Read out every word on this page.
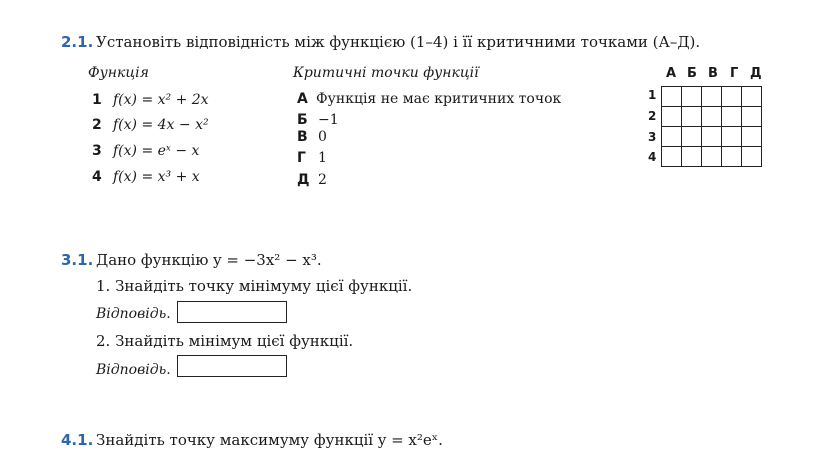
2.1. Установіть відповідність між функцією (1–4) і її критичними точками (А–Д).
Функція	Критичні точки функції
1 f(x) = x² + 2x
2 f(x) = 4x − x²
3 f(x) = eˣ − x
4 f(x) = x³ + x
А Функція не має критичних точок
Б −1
В 0
Г 1
Д 2
А Б В Г Д
1
2
3
4

3.1. Дано функцію y = −3x² − x³.
1. Знайдіть точку мінімуму цієї функції.
Відповідь.
2. Знайдіть мінімум цієї функції.
Відповідь.
4.1. Знайдіть точку максимуму функції y = x²eˣ.
